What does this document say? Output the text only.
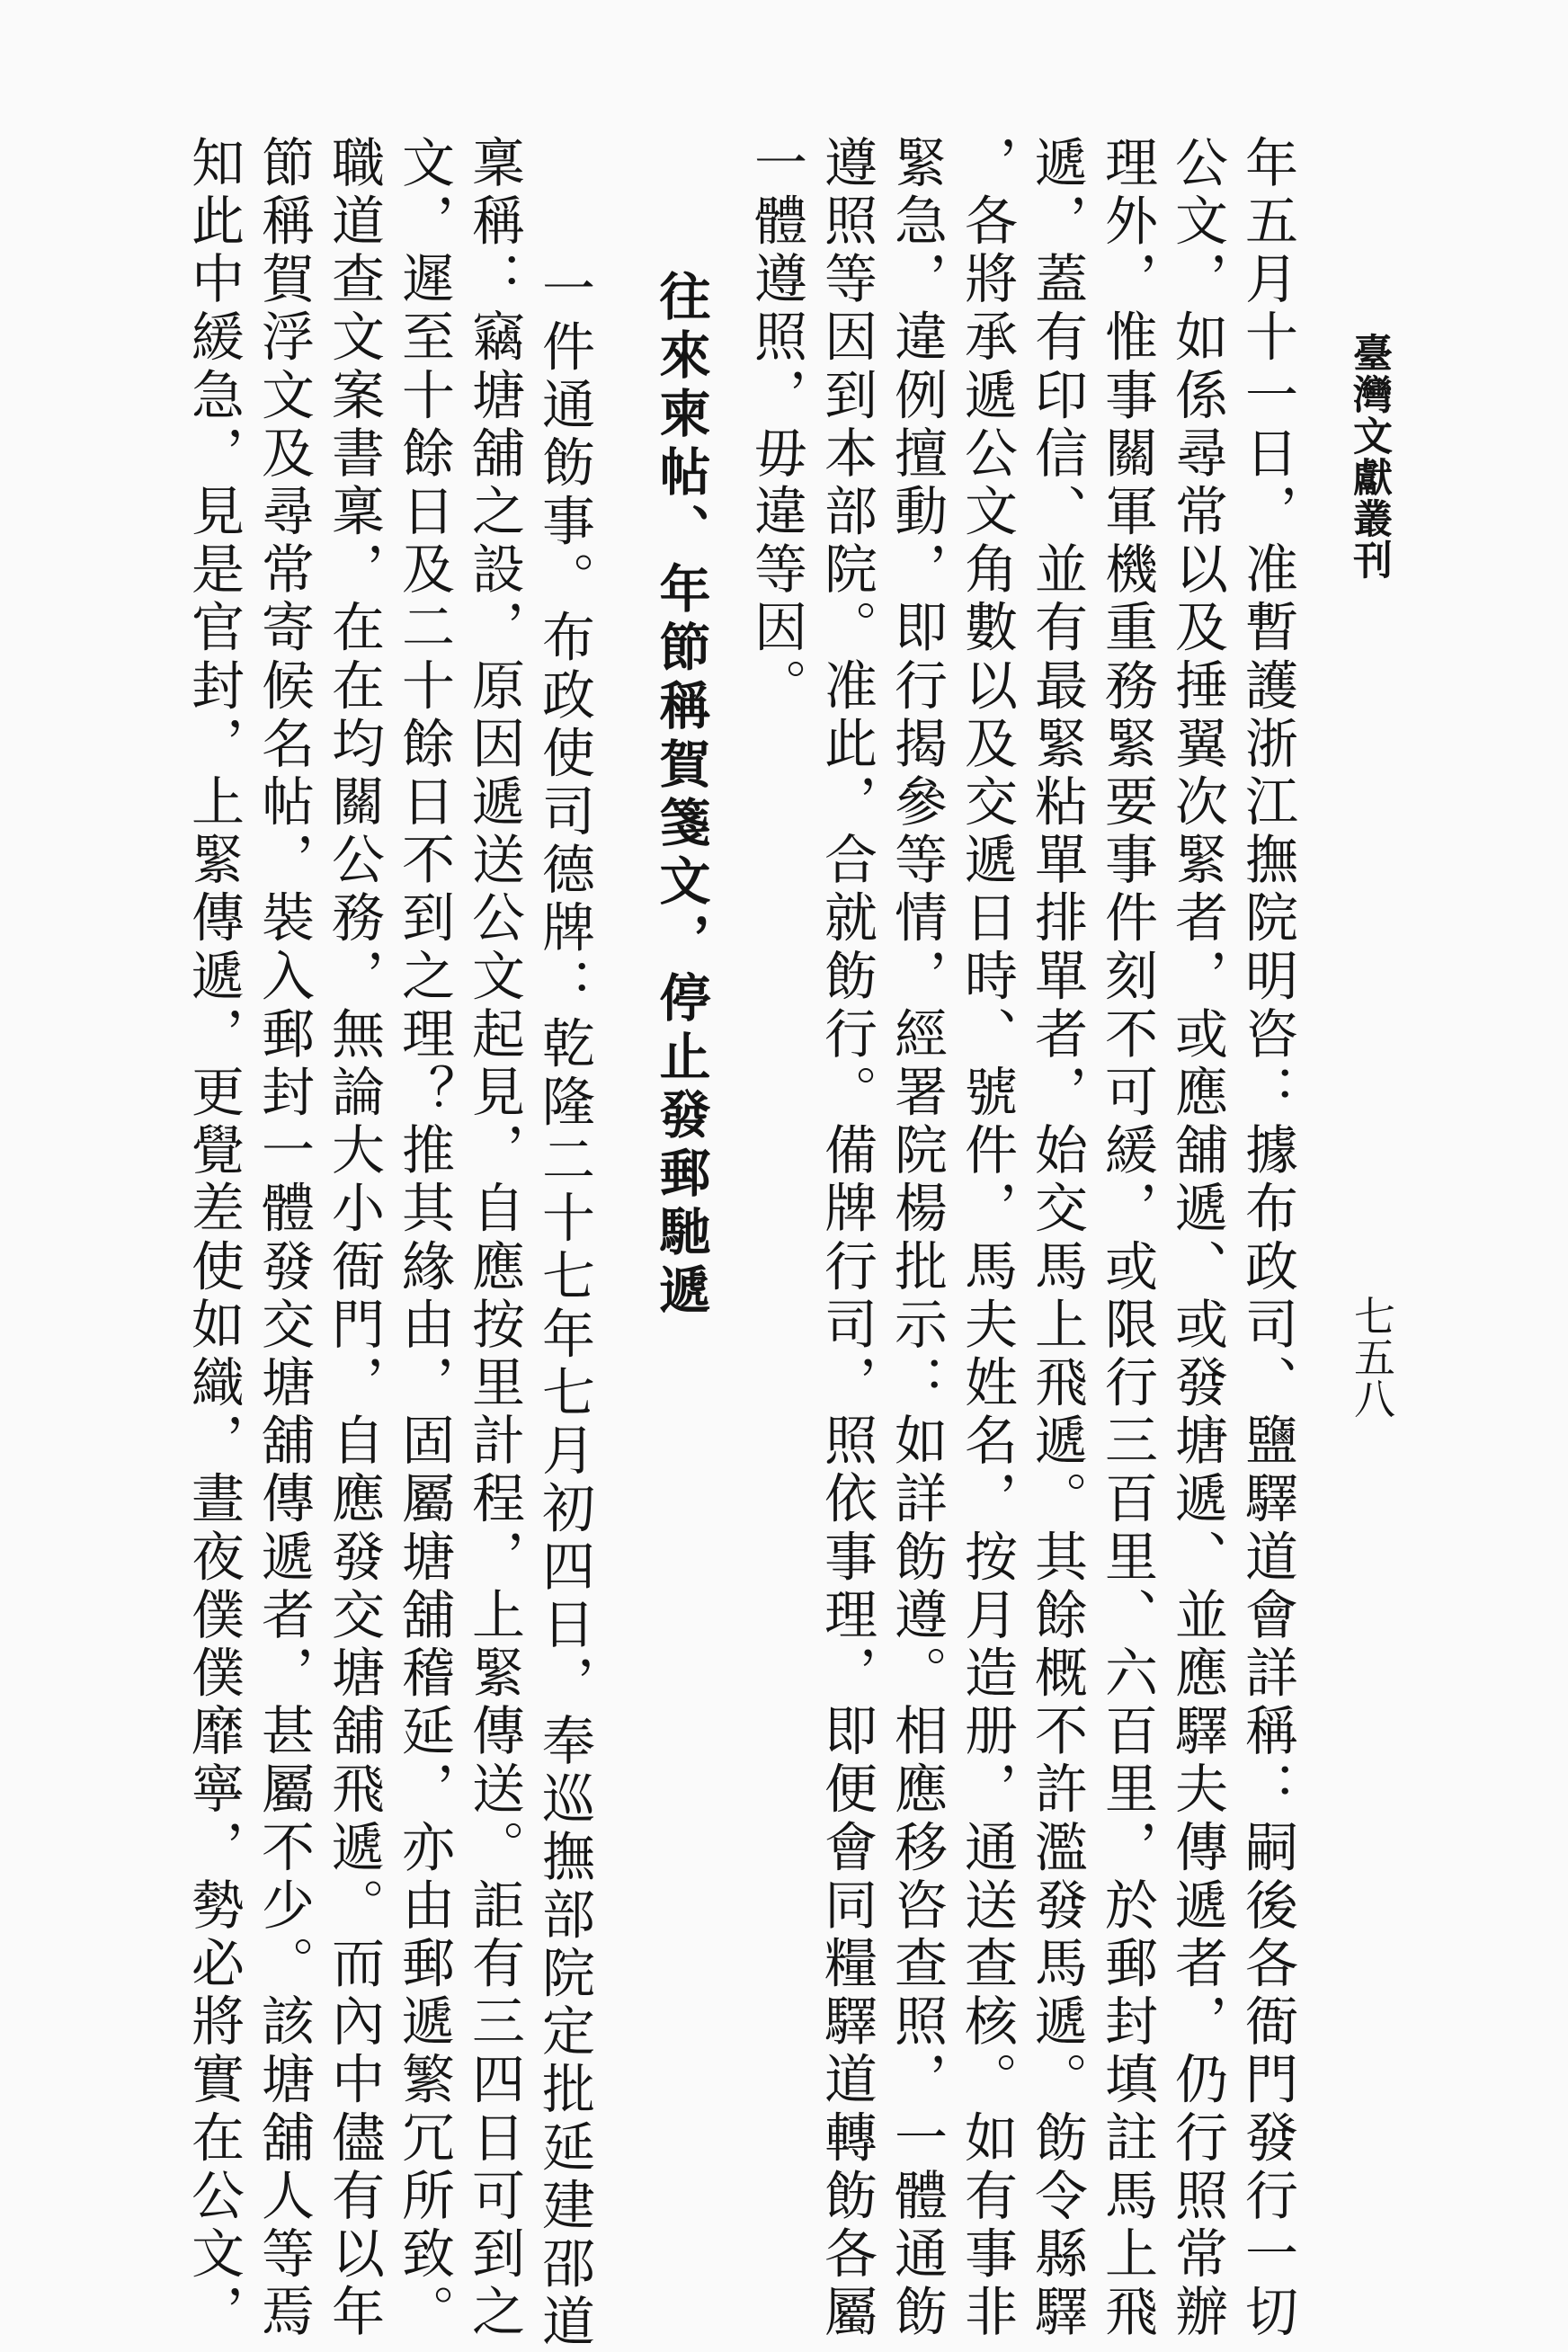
臺灣文獻叢刊
七五八
年五月十一日，准暫護浙江撫院明咨：據布政司、鹽驛道會詳稱：嗣後各衙門發行一切
公文，如係尋常以及捶翼次緊者，或應舖遞、或發塘遞、並應驛夫傳遞者，仍行照常辦
理外，惟事關軍機重務緊要事件刻不可緩，或限行三百里、六百里，於郵封填註馬上飛
遞，蓋有印信、並有最緊粘單排單者，始交馬上飛遞。其餘概不許濫發馬遞。飭令縣驛
，各將承遞公文角數以及交遞日時、號件，馬夫姓名，按月造册，通送查核。如有事非
緊急，違例擅動，即行揭參等情，經署院楊批示：如詳飭遵。相應移咨查照，一體通飭
遵照等因到本部院。准此，合就飭行。備牌行司，照依事理，即便會同糧驛道轉飭各屬
一體遵照，毋違等因。
往來柬帖、年節稱賀箋文，停止發郵馳遞
一件通飭事。布政使司德牌：乾隆二十七年七月初四日，奉巡撫部院定批延建邵道
稟稱：竊塘舖之設，原因遞送公文起見，自應按里計程，上緊傳送。詎有三四日可到之
文，遲至十餘日及二十餘日不到之理？推其緣由，固屬塘舖稽延，亦由郵遞繁冗所致。
職道查文案書稟，在在均關公務，無論大小衙門，自應發交塘舖飛遞。而內中儘有以年
節稱賀浮文及尋常寄候名帖，裝入郵封一體發交塘舖傳遞者，甚屬不少。該塘舖人等焉
知此中緩急，見是官封，上緊傳遞，更覺差使如織，晝夜僕僕靡寧，勢必將實在公文，
